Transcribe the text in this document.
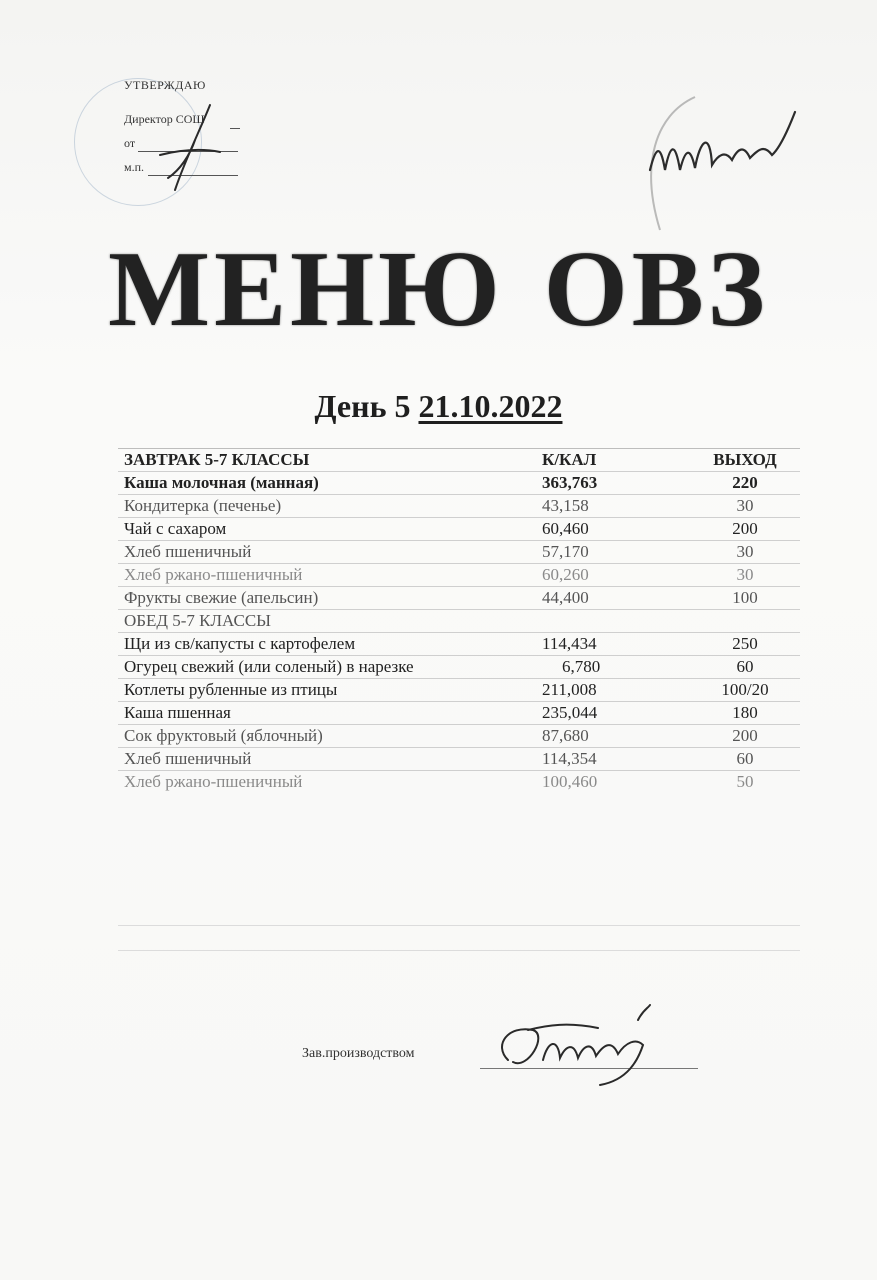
УТВЕРЖДАЮ
Директор СОШ
от
м.п.
МЕНЮ ОВЗ
День 5 21.10.2022
ЗАВТРАК 5-7 КЛАССЫ	К/КАЛ	ВЫХОД
Каша молочная (манная)	363,763	220
Кондитерка (печенье)	43,158	30
Чай с сахаром	60,460	200
Хлеб пшеничный	57,170	30
Хлеб ржано-пшеничный	60,260	30
Фрукты свежие (апельсин)	44,400	100
ОБЕД 5-7 КЛАССЫ		
Щи из св/капусты с картофелем	114,434	250
Огурец свежий (или соленый) в нарезке	6,780	60
Котлеты рубленные из птицы	211,008	100/20
Каша пшенная	235,044	180
Сок фруктовый (яблочный)	87,680	200
Хлеб пшеничный	114,354	60
Хлеб ржано-пшеничный	100,460	50
Зав.производством
